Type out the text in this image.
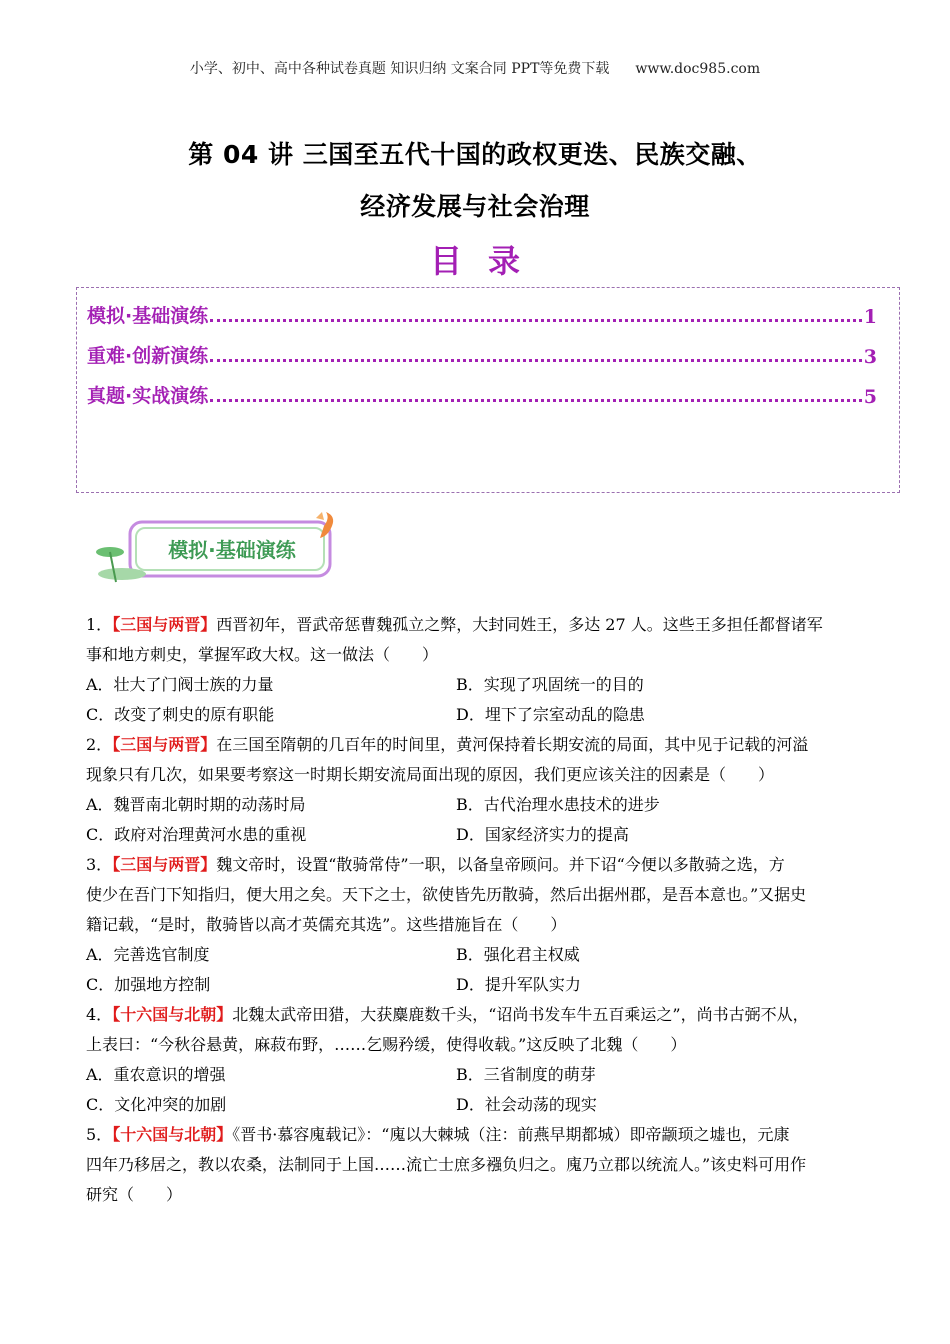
小学、初中、高中各种试卷真题 知识归纳 文案合同 PPT等免费下载 www.doc985.com
第 04 讲 三国至五代十国的政权更迭、民族交融、
经济发展与社会治理
目录
模拟·基础演练	1
重难·创新演练	3
真题·实战演练	5
模拟·基础演练
1．【三国与两晋】西晋初年，晋武帝惩曹魏孤立之弊，大封同姓王，多达 27 人。这些王多担任都督诸军
事和地方刺史，掌握军政大权。这一做法（　　）
A．壮大了门阀士族的力量	B．实现了巩固统一的目的
C．改变了刺史的原有职能	D．埋下了宗室动乱的隐患
2．【三国与两晋】在三国至隋朝的几百年的时间里，黄河保持着长期安流的局面，其中见于记载的河溢
现象只有几次，如果要考察这一时期长期安流局面出现的原因，我们更应该关注的因素是（　　）
A．魏晋南北朝时期的动荡时局	B．古代治理水患技术的进步
C．政府对治理黄河水患的重视	D．国家经济实力的提高
3．【三国与两晋】魏文帝时，设置“散骑常侍”一职，以备皇帝顾问。并下诏“今便以多散骑之选，方
使少在吾门下知指归，便大用之矣。天下之士，欲使皆先历散骑，然后出据州郡，是吾本意也。”又据史
籍记载，“是时，散骑皆以高才英儒充其选”。这些措施旨在（　　）
A．完善选官制度	B．强化君主权威
C．加强地方控制	D．提升军队实力
4．【十六国与北朝】北魏太武帝田猎，大获麋鹿数千头，“诏尚书发车牛五百乘运之”，尚书古弼不从，
上表曰：“今秋谷悬黄，麻菽布野，……乞赐矜缓，使得收载。”这反映了北魏（　　）
A．重农意识的增强	B．三省制度的萌芽
C．文化冲突的加剧	D．社会动荡的现实
5．【十六国与北朝】《晋书·慕容廆载记》：“廆以大棘城（注：前燕早期都城）即帝颛顼之墟也，元康
四年乃移居之，教以农桑，法制同于上国……流亡士庶多襁负归之。廆乃立郡以统流人。”该史料可用作
研究（　　）
